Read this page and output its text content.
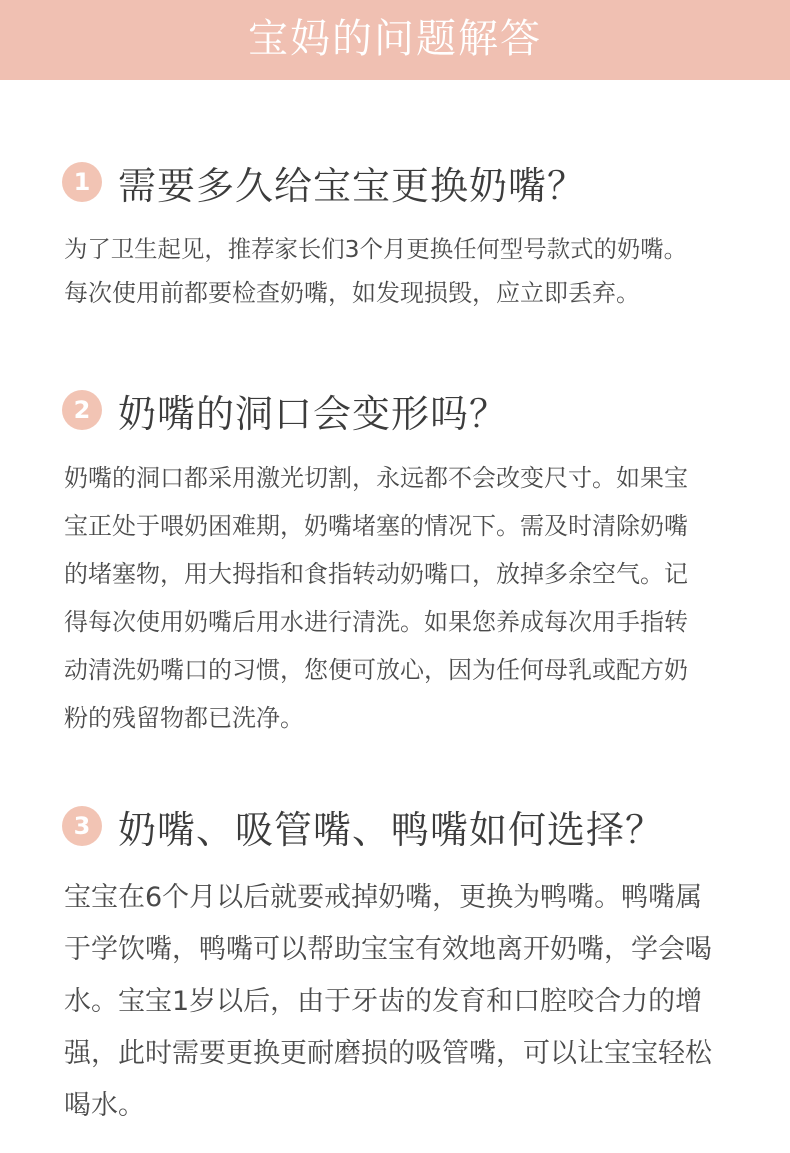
宝妈的问题解答
1 需要多久给宝宝更换奶嘴？
为了卫生起见，推荐家长们3个月更换任何型号款式的奶嘴。
每次使用前都要检查奶嘴，如发现损毁，应立即丢弃。
2 奶嘴的洞口会变形吗？
奶嘴的洞口都采用激光切割，永远都不会改变尺寸。如果宝
宝正处于喂奶困难期，奶嘴堵塞的情况下。需及时清除奶嘴
的堵塞物，用大拇指和食指转动奶嘴口，放掉多余空气。记
得每次使用奶嘴后用水进行清洗。如果您养成每次用手指转
动清洗奶嘴口的习惯，您便可放心，因为任何母乳或配方奶
粉的残留物都已洗净。
3 奶嘴、吸管嘴、鸭嘴如何选择？
宝宝在6个月以后就要戒掉奶嘴，更换为鸭嘴。鸭嘴属
于学饮嘴，鸭嘴可以帮助宝宝有效地离开奶嘴，学会喝
水。宝宝1岁以后，由于牙齿的发育和口腔咬合力的增
强，此时需要更换更耐磨损的吸管嘴，可以让宝宝轻松
喝水。
